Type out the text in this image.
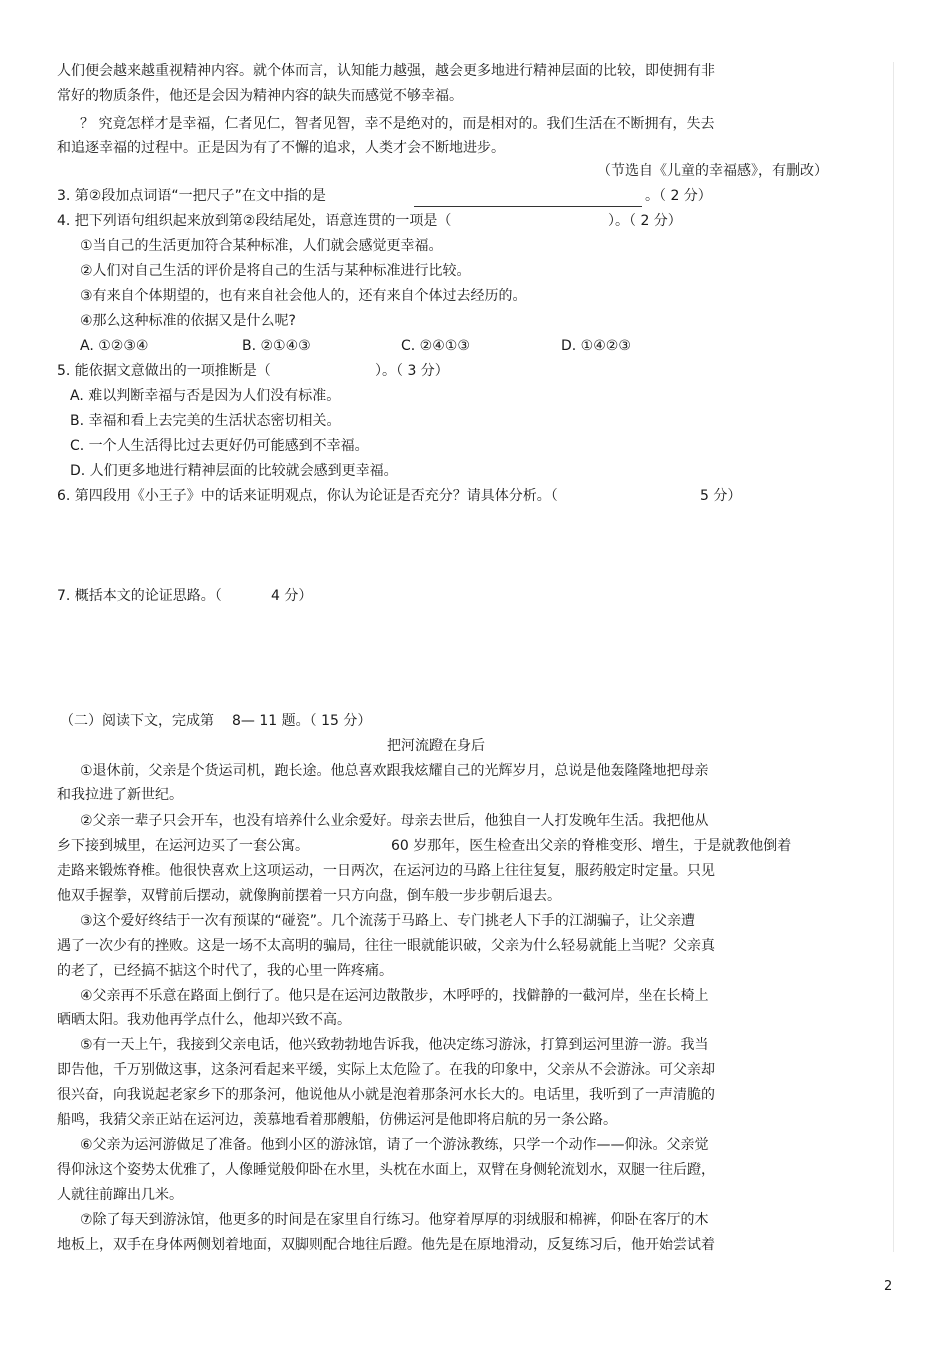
人们便会越来越重视精神内容。就个体而言，认知能力越强，越会更多地进行精神层面的比较，即使拥有非
常好的物质条件，他还是会因为精神内容的缺失而感觉不够幸福。
？ 究竟怎样才是幸福，仁者见仁，智者见智，幸不是绝对的，而是相对的。我们生活在不断拥有，失去
和追逐幸福的过程中。正是因为有了不懈的追求，人类才会不断地进步。
（节选自《儿童的幸福感》，有删改）
3. 第②段加点词语“一把尺子”在文中指的是	。（ 2 分）
4. 把下列语句组织起来放到第②段结尾处，语意连贯的一项是（	）。（ 2 分）
①当自己的生活更加符合某种标准，人们就会感觉更幸福。
②人们对自己生活的评价是将自己的生活与某种标准进行比较。
③有来自个体期望的，也有来自社会他人的，还有来自个体过去经历的。
④那么这种标准的依据又是什么呢?
A. ①②③④	B. ②①④③	C. ②④①③	D. ①④②③
5. 能依据文意做出的一项推断是（	）。（ 3 分）
A. 难以判断幸福与否是因为人们没有标准。
B. 幸福和看上去完美的生活状态密切相关。
C. 一个人生活得比过去更好仍可能感到不幸福。
D. 人们更多地进行精神层面的比较就会感到更幸福。
6. 第四段用《小王子》中的话来证明观点，你认为论证是否充分？请具体分析。（	5 分）
7. 概括本文的论证思路。（	4 分）
（二）阅读下文，完成第 8— 11 题。（ 15 分）
把河流蹬在身后
①退休前，父亲是个货运司机，跑长途。他总喜欢跟我炫耀自己的光辉岁月，总说是他轰隆隆地把母亲
和我拉进了新世纪。
②父亲一辈子只会开车，也没有培养什么业余爱好。母亲去世后，他独自一人打发晚年生活。我把他从
乡下接到城里，在运河边买了一套公寓。	60 岁那年，医生检查出父亲的脊椎变形、增生，于是就教他倒着
走路来锻炼脊椎。他很快喜欢上这项运动，一日两次，在运河边的马路上往往复复，服药般定时定量。只见
他双手握拳，双臂前后摆动，就像胸前摆着一只方向盘，倒车般一步步朝后退去。
③这个爱好终结于一次有预谋的“碰瓷”。几个流荡于马路上、专门挑老人下手的江湖骗子，让父亲遭
遇了一次少有的挫败。这是一场不太高明的骗局，往往一眼就能识破，父亲为什么轻易就能上当呢？父亲真
的老了，已经搞不掂这个时代了，我的心里一阵疼痛。
④父亲再不乐意在路面上倒行了。他只是在运河边散散步，木呼呼的，找僻静的一截河岸，坐在长椅上
晒晒太阳。我劝他再学点什么，他却兴致不高。
⑤有一天上午，我接到父亲电话，他兴致勃勃地告诉我，他决定练习游泳，打算到运河里游一游。我当
即告他，千万别做这事，这条河看起来平缓，实际上太危险了。在我的印象中，父亲从不会游泳。可父亲却
很兴奋，向我说起老家乡下的那条河，他说他从小就是泡着那条河水长大的。电话里，我听到了一声清脆的
船鸣，我猜父亲正站在运河边，羡慕地看着那艘船，仿佛运河是他即将启航的另一条公路。
⑥父亲为运河游做足了准备。他到小区的游泳馆，请了一个游泳教练，只学一个动作——仰泳。父亲觉
得仰泳这个姿势太优雅了，人像睡觉般仰卧在水里，头枕在水面上，双臂在身侧轮流划水，双腿一往后蹬，
人就往前蹿出几米。
⑦除了每天到游泳馆，他更多的时间是在家里自行练习。他穿着厚厚的羽绒服和棉裤，仰卧在客厅的木
地板上，双手在身体两侧划着地面，双脚则配合地往后蹬。他先是在原地滑动，反复练习后，他开始尝试着
2
